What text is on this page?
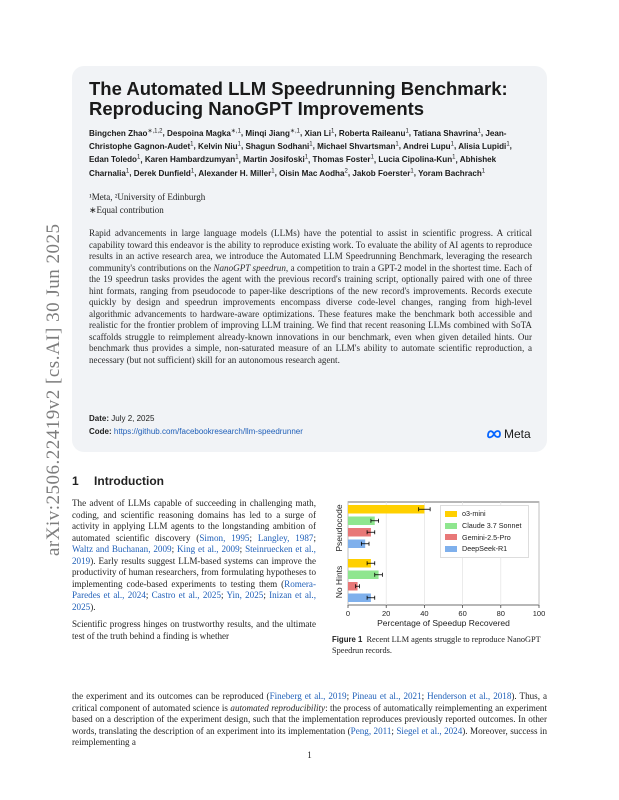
arXiv:2506.22419v2 [cs.AI] 30 Jun 2025
The Automated LLM Speedrunning Benchmark: Reproducing NanoGPT Improvements
Bingchen Zhao$^{∗,1,2}$, Despoina Magka$^{∗,1}$, Minqi Jiang$^{∗,1}$, Xian Li$^1$, Roberta Raileanu$^1$, Tatiana Shavrina$^1$, Jean-Christophe Gagnon-Audet$^1$, Kelvin Niu$^1$, Shagun Sodhani$^1$, Michael Shvartsman$^1$, Andrei Lupu$^1$, Alisia Lupidi$^1$, Edan Toledo$^1$, Karen Hambardzumyan$^1$, Martin Josifoski$^1$, Thomas Foster$^1$, Lucia Cipolina-Kun$^1$, Abhishek Charnalia$^1$, Derek Dunfield$^1$, Alexander H. Miller$^1$, Oisin Mac Aodha$^2$, Jakob Foerster$^1$, Yoram Bachrach$^1$
¹Meta, ²University of Edinburgh
∗Equal contribution
Rapid advancements in large language models (LLMs) have the potential to assist in scientific progress. A critical capability toward this endeavor is the ability to reproduce existing work. To evaluate the ability of AI agents to reproduce results in an active research area, we introduce the Automated LLM Speedrunning Benchmark, leveraging the research community's contributions on the NanoGPT speedrun, a competition to train a GPT-2 model in the shortest time. Each of the 19 speedrun tasks provides the agent with the previous record's training script, optionally paired with one of three hint formats, ranging from pseudocode to paper-like descriptions of the new record's improvements. Records execute quickly by design and speedrun improvements encompass diverse code-level changes, ranging from high-level algorithmic advancements to hardware-aware optimizations. These features make the benchmark both accessible and realistic for the frontier problem of improving LLM training. We find that recent reasoning LLMs combined with SoTA scaffolds struggle to reimplement already-known innovations in our benchmark, even when given detailed hints. Our benchmark thus provides a simple, non-saturated measure of an LLM's ability to automate scientific reproduction, a necessary (but not sufficient) skill for an autonomous research agent.
Date: July 2, 2025
Code: https://github.com/facebookresearch/llm-speedrunner	Meta
1 Introduction

The advent of LLMs capable of succeeding in challenging math, coding, and scientific reasoning domains has led to a surge of activity in applying LLM agents to the longstanding ambition of automated scientific discovery (Simon, 1995; Langley, 1987; Waltz and Buchanan, 2009; King et al., 2009; Steinruecken et al., 2019). Early results suggest LLM-based systems can improve the productivity of human researchers, from formulating hypotheses to implementing code-based experiments to testing them (Romera-Paredes et al., 2024; Castro et al., 2025; Yin, 2025; Inizan et al., 2025).

Scientific progress hinges on trustworthy results, and the ultimate test of the truth behind a finding is whether

the experiment and its outcomes can be reproduced (Fineberg et al., 2019; Pineau et al., 2021; Henderson et al., 2018). Thus, a critical component of automated science is automated reproducibility: the process of automatically reimplementing an experiment based on a description of the experiment design, such that the implementation reproduces previously reported outcomes. In other words, translating the description of an experiment into its implementation (Peng, 2011; Siegel et al., 2024). Moreover, success in reimplementing a
0	20	40	60	80	100
Pseudocode
No Hints
Percentage of Speedup Recovered
o3-mini
Claude 3.7 Sonnet
Gemini-2.5-Pro
DeepSeek-R1
Figure 1 Recent LLM agents struggle to reproduce NanoGPT Speedrun records.
1
